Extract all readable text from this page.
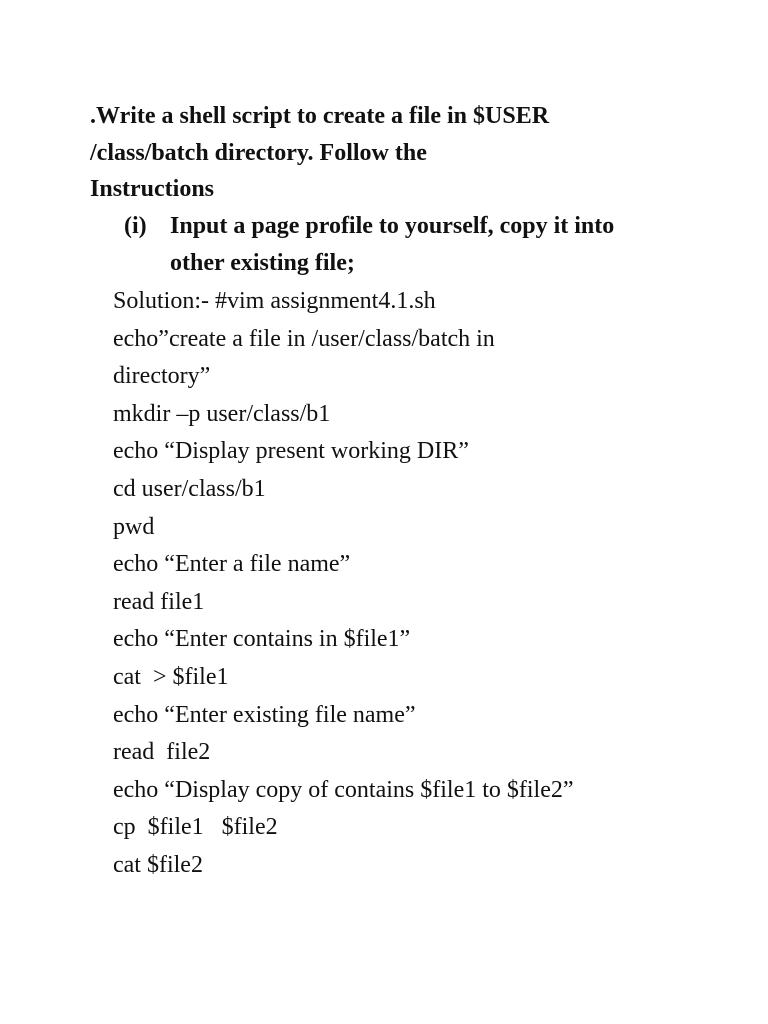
.Write a shell script to create a file in $USER
/class/batch directory. Follow the
Instructions
(i) Input a page profile to yourself, copy it into
other existing file;
Solution:- #vim assignment4.1.sh
echo”create a file in /user/class/batch in
directory”
mkdir –p user/class/b1
echo “Display present working DIR”
cd user/class/b1
pwd
echo “Enter a file name”
read file1
echo “Enter contains in $file1”
cat  > $file1
echo “Enter existing file name”
read  file2
echo “Display copy of contains $file1 to $file2”
cp  $file1   $file2
cat $file2
